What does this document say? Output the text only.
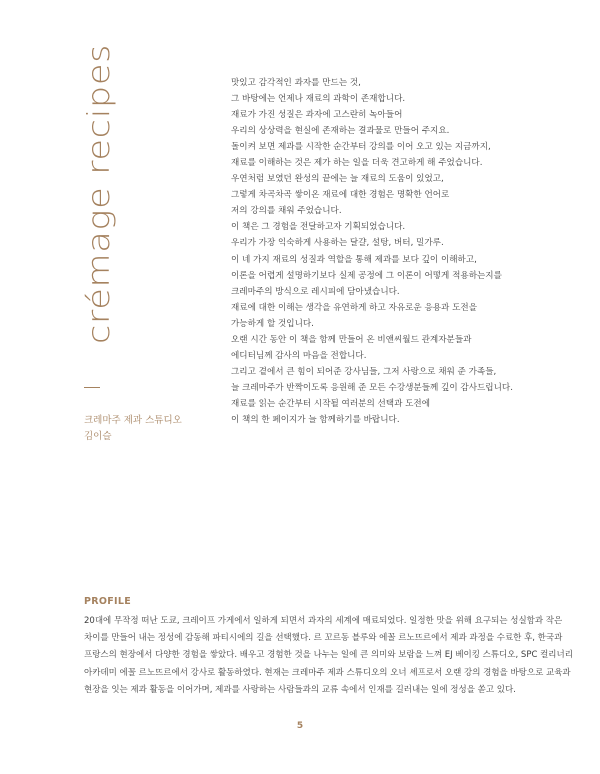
crémage recipes
크레마주 제과 스튜디오
김이슬
맛있고 감각적인 과자를 만드는 것,
그 바탕에는 언제나 재료의 과학이 존재합니다.
재료가 가진 성질은 과자에 고스란히 녹아들어
우리의 상상력을 현실에 존재하는 결과물로 만들어 주지요.
돌이켜 보면 제과를 시작한 순간부터 강의를 이어 오고 있는 지금까지,
재료를 이해하는 것은 제가 하는 일을 더욱 견고하게 해 주었습니다.
우연처럼 보였던 완성의 끝에는 늘 재료의 도움이 있었고,
그렇게 차곡차곡 쌓이온 재료에 대한 경험은 명확한 언어로
저의 강의를 채워 주었습니다.
이 책은 그 경험을 전달하고자 기획되었습니다.
우리가 가장 익숙하게 사용하는 달걀, 설탕, 버터, 밀가루.
이 네 가지 재료의 성질과 역할을 통해 제과를 보다 깊이 이해하고,
이론을 어렵게 설명하기보다 실제 공정에 그 이론이 어떻게 적용하는지를
크레마주의 방식으로 레시피에 담아냈습니다.
재료에 대한 이해는 생각을 유연하게 하고 자유로운 응용과 도전을
가능하게 할 것입니다.
오랜 시간 동안 이 책을 함께 만들어 온 비앤씨월드 관계자분들과
에디터님께 감사의 마음을 전합니다.
그리고 곁에서 큰 힘이 되어준 강사님들, 그저 사랑으로 채워 준 가족들,
늘 크레마주가 반짝이도록 응원해 준 모든 수강생분들께 깊이 감사드립니다.
재료를 읽는 순간부터 시작될 여러분의 선택과 도전에
이 책의 한 페이지가 늘 함께하기를 바랍니다.
PROFILE
20대에 무작정 떠난 도쿄, 크레이프 가게에서 일하게 되면서 과자의 세계에 매료되었다. 일정한 맛을 위해 요구되는 성실함과 작은
차이를 만들어 내는 정성에 감동해 파티시에의 길을 선택했다. 르 꼬르동 블루와 에꼴 르노뜨르에서 제과 과정을 수료한 후, 한국과
프랑스의 현장에서 다양한 경험을 쌓았다. 배우고 경험한 것을 나누는 일에 큰 의미와 보람을 느껴 EJ 베이킹 스튜디오, SPC 컬리너리
아카데미 에꼴 르노뜨르에서 강사로 활동하였다. 현재는 크레마주 제과 스튜디오의 오너 셰프로서 오랜 강의 경험을 바탕으로 교육과
현장을 잇는 제과 활동을 이어가며, 제과를 사랑하는 사람들과의 교류 속에서 인재를 길러내는 일에 정성을 쏟고 있다.
5
